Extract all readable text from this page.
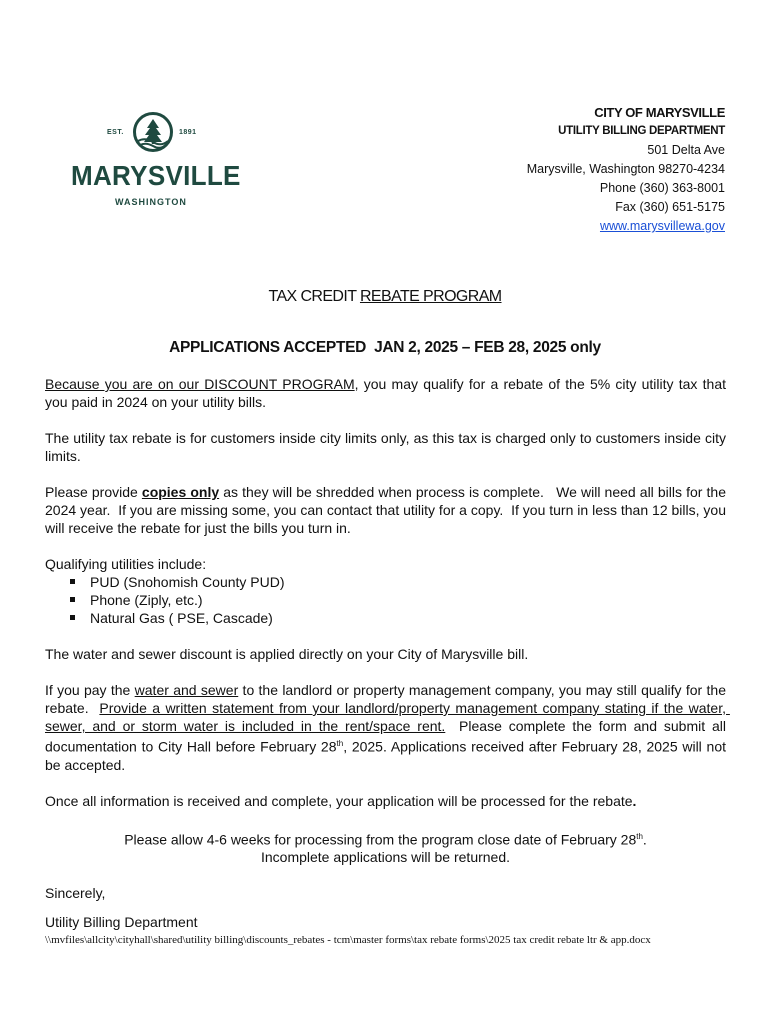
EST.	1891
MARYSVILLE
WASHINGTON
CITY OF MARYSVILLE
UTILITY BILLING DEPARTMENT
501 Delta Ave
Marysville, Washington 98270-4234
Phone (360) 363-8001
Fax (360) 651-5175
www.marysvillewa.gov
TAX CREDIT REBATE PROGRAM
APPLICATIONS ACCEPTED  JAN 2, 2025 – FEB 28, 2025 only

Because you are on our DISCOUNT PROGRAM, you may qualify for a rebate of the 5% city utility tax that you paid in 2024 on your utility bills.

The utility tax rebate is for customers inside city limits only, as this tax is charged only to customers inside city limits.

Please provide copies only as they will be shredded when process is complete.   We will need all bills for the 2024 year.  If you are missing some, you can contact that utility for a copy.  If you turn in less than 12 bills, you will receive the rebate for just the bills you turn in.

Qualifying utilities include:
PUD (Snohomish County PUD)
Phone (Ziply, etc.)
Natural Gas ( PSE, Cascade)

The water and sewer discount is applied directly on your City of Marysville bill.

If you pay the water and sewer to the landlord or property management company, you may still qualify for the rebate.  Provide a written statement from your landlord/property management company stating if the water, sewer, and or storm water is included in the rent/space rent.  Please complete the form and submit all documentation to City Hall before February 28th, 2025. Applications received after February 28, 2025 will not be accepted.

Once all information is received and complete, your application will be processed for the rebate.

Please allow 4-6 weeks for processing from the program close date of February 28th.
Incomplete applications will be returned.

Sincerely,

Utility Billing Department

\\mvfiles\allcity\cityhall\shared\utility billing\discounts_rebates - tcm\master forms\tax rebate forms\2025 tax credit rebate ltr & app.docx
